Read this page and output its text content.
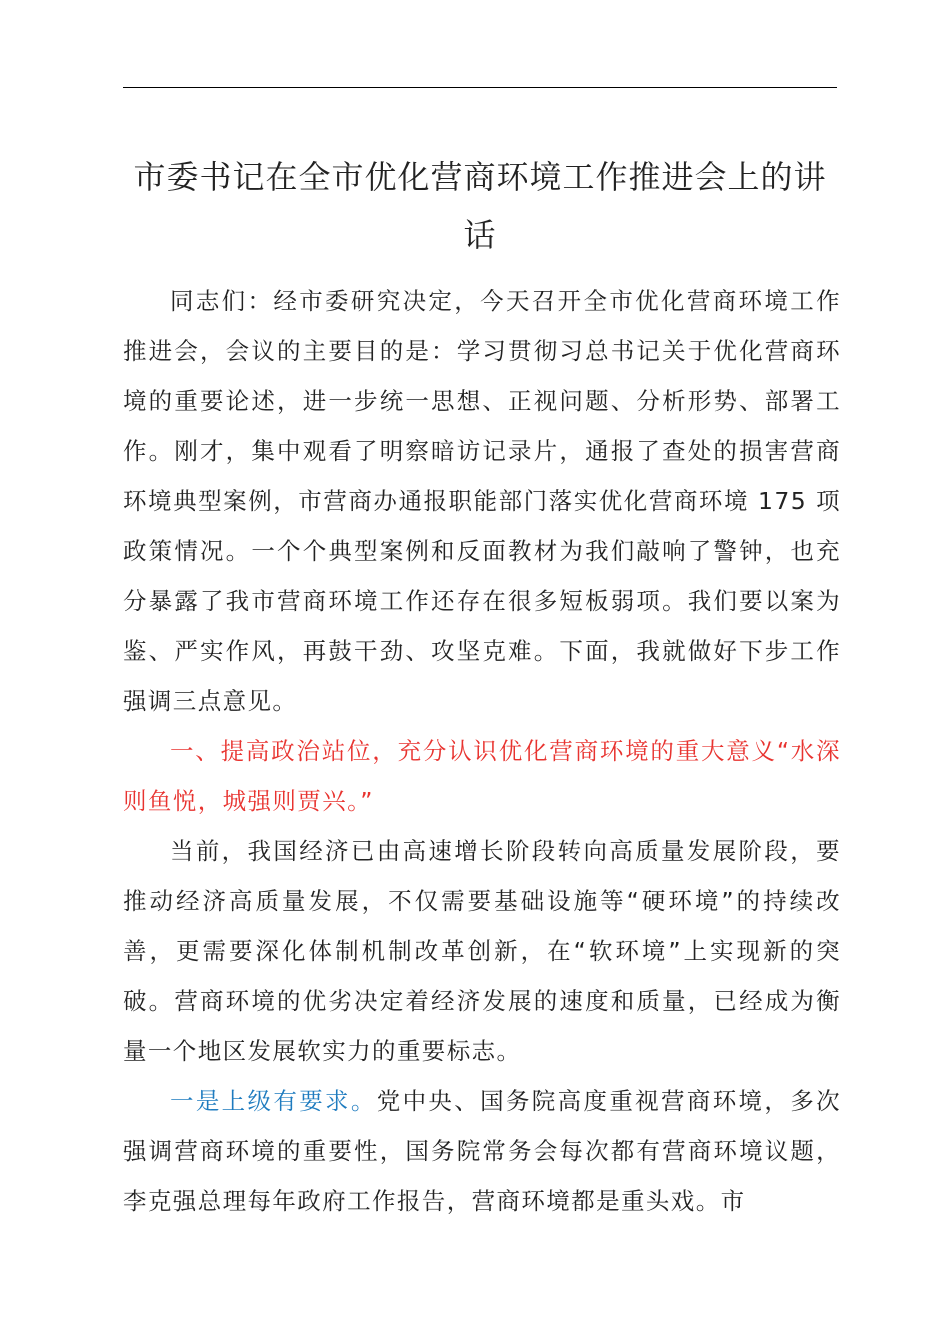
市委书记在全市优化营商环境工作推进会上的讲话

同志们：经市委研究决定，今天召开全市优化营商环境工作推进会，会议的主要目的是：学习贯彻习总书记关于优化营商环境的重要论述，进一步统一思想、正视问题、分析形势、部署工作。刚才，集中观看了明察暗访记录片，通报了查处的损害营商环境典型案例，市营商办通报职能部门落实优化营商环境 175 项政策情况。一个个典型案例和反面教材为我们敲响了警钟，也充分暴露了我市营商环境工作还存在很多短板弱项。我们要以案为鉴、严实作风，再鼓干劲、攻坚克难。下面，我就做好下步工作强调三点意见。

一、提高政治站位，充分认识优化营商环境的重大意义“水深则鱼悦，城强则贾兴。”

当前，我国经济已由高速增长阶段转向高质量发展阶段，要推动经济高质量发展，不仅需要基础设施等“硬环境”的持续改善，更需要深化体制机制改革创新，在“软环境”上实现新的突破。营商环境的优劣决定着经济发展的速度和质量，已经成为衡量一个地区发展软实力的重要标志。

一是上级有要求。党中央、国务院高度重视营商环境，多次强调营商环境的重要性，国务院常务会每次都有营商环境议题，李克强总理每年政府工作报告，营商环境都是重头戏。市
